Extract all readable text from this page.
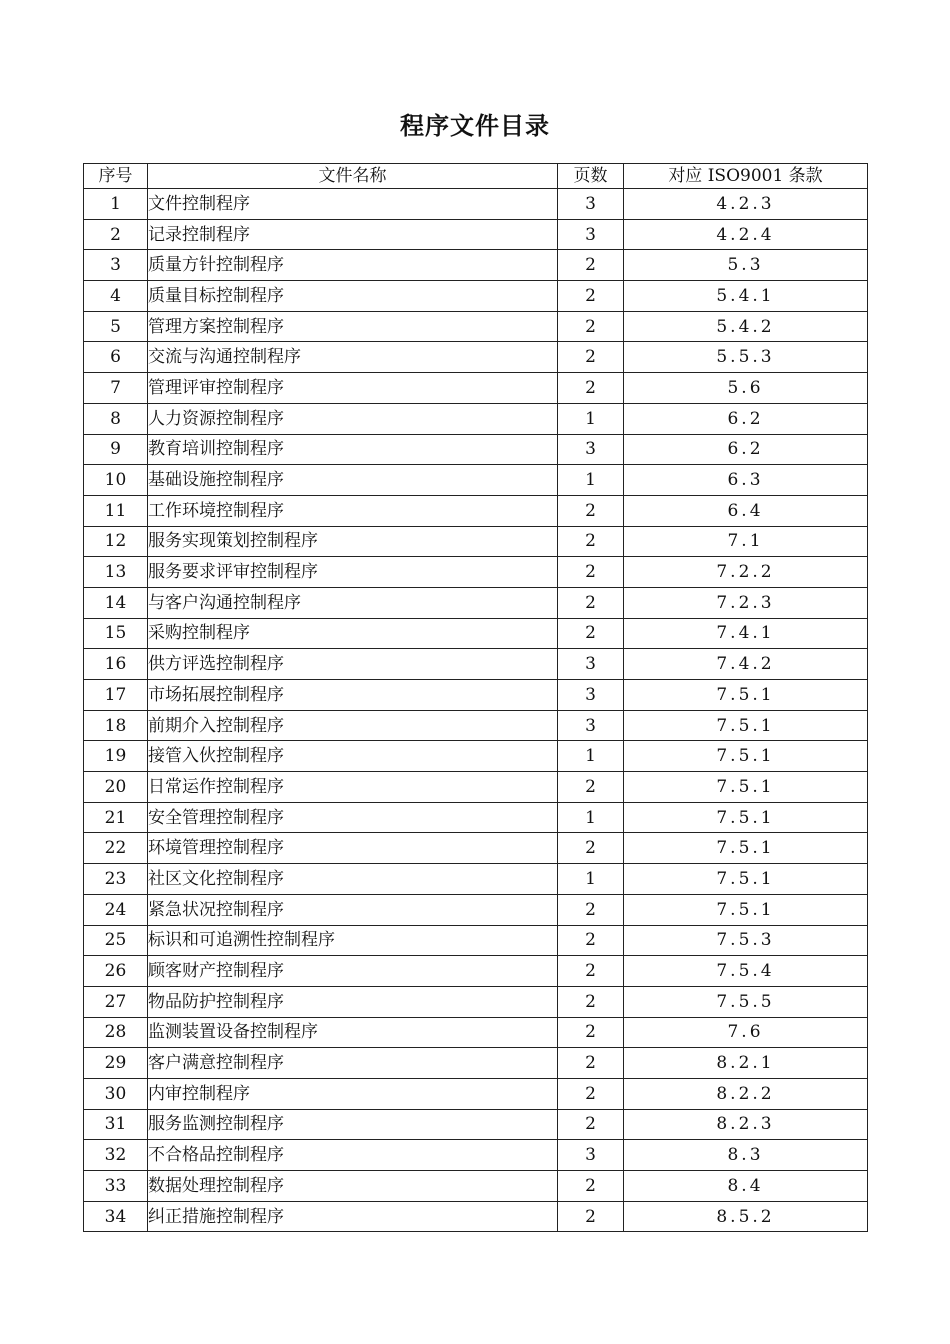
程序文件目录
序号	文件名称	页数	对应 ISO9001 条款
1	文件控制程序	3	4.2.3
2	记录控制程序	3	4.2.4
3	质量方针控制程序	2	5.3
4	质量目标控制程序	2	5.4.1
5	管理方案控制程序	2	5.4.2
6	交流与沟通控制程序	2	5.5.3
7	管理评审控制程序	2	5.6
8	人力资源控制程序	1	6.2
9	教育培训控制程序	3	6.2
10	基础设施控制程序	1	6.3
11	工作环境控制程序	2	6.4
12	服务实现策划控制程序	2	7.1
13	服务要求评审控制程序	2	7.2.2
14	与客户沟通控制程序	2	7.2.3
15	采购控制程序	2	7.4.1
16	供方评选控制程序	3	7.4.2
17	市场拓展控制程序	3	7.5.1
18	前期介入控制程序	3	7.5.1
19	接管入伙控制程序	1	7.5.1
20	日常运作控制程序	2	7.5.1
21	安全管理控制程序	1	7.5.1
22	环境管理控制程序	2	7.5.1
23	社区文化控制程序	1	7.5.1
24	紧急状况控制程序	2	7.5.1
25	标识和可追溯性控制程序	2	7.5.3
26	顾客财产控制程序	2	7.5.4
27	物品防护控制程序	2	7.5.5
28	监测装置设备控制程序	2	7.6
29	客户满意控制程序	2	8.2.1
30	内审控制程序	2	8.2.2
31	服务监测控制程序	2	8.2.3
32	不合格品控制程序	3	8.3
33	数据处理控制程序	2	8.4
34	纠正措施控制程序	2	8.5.2
